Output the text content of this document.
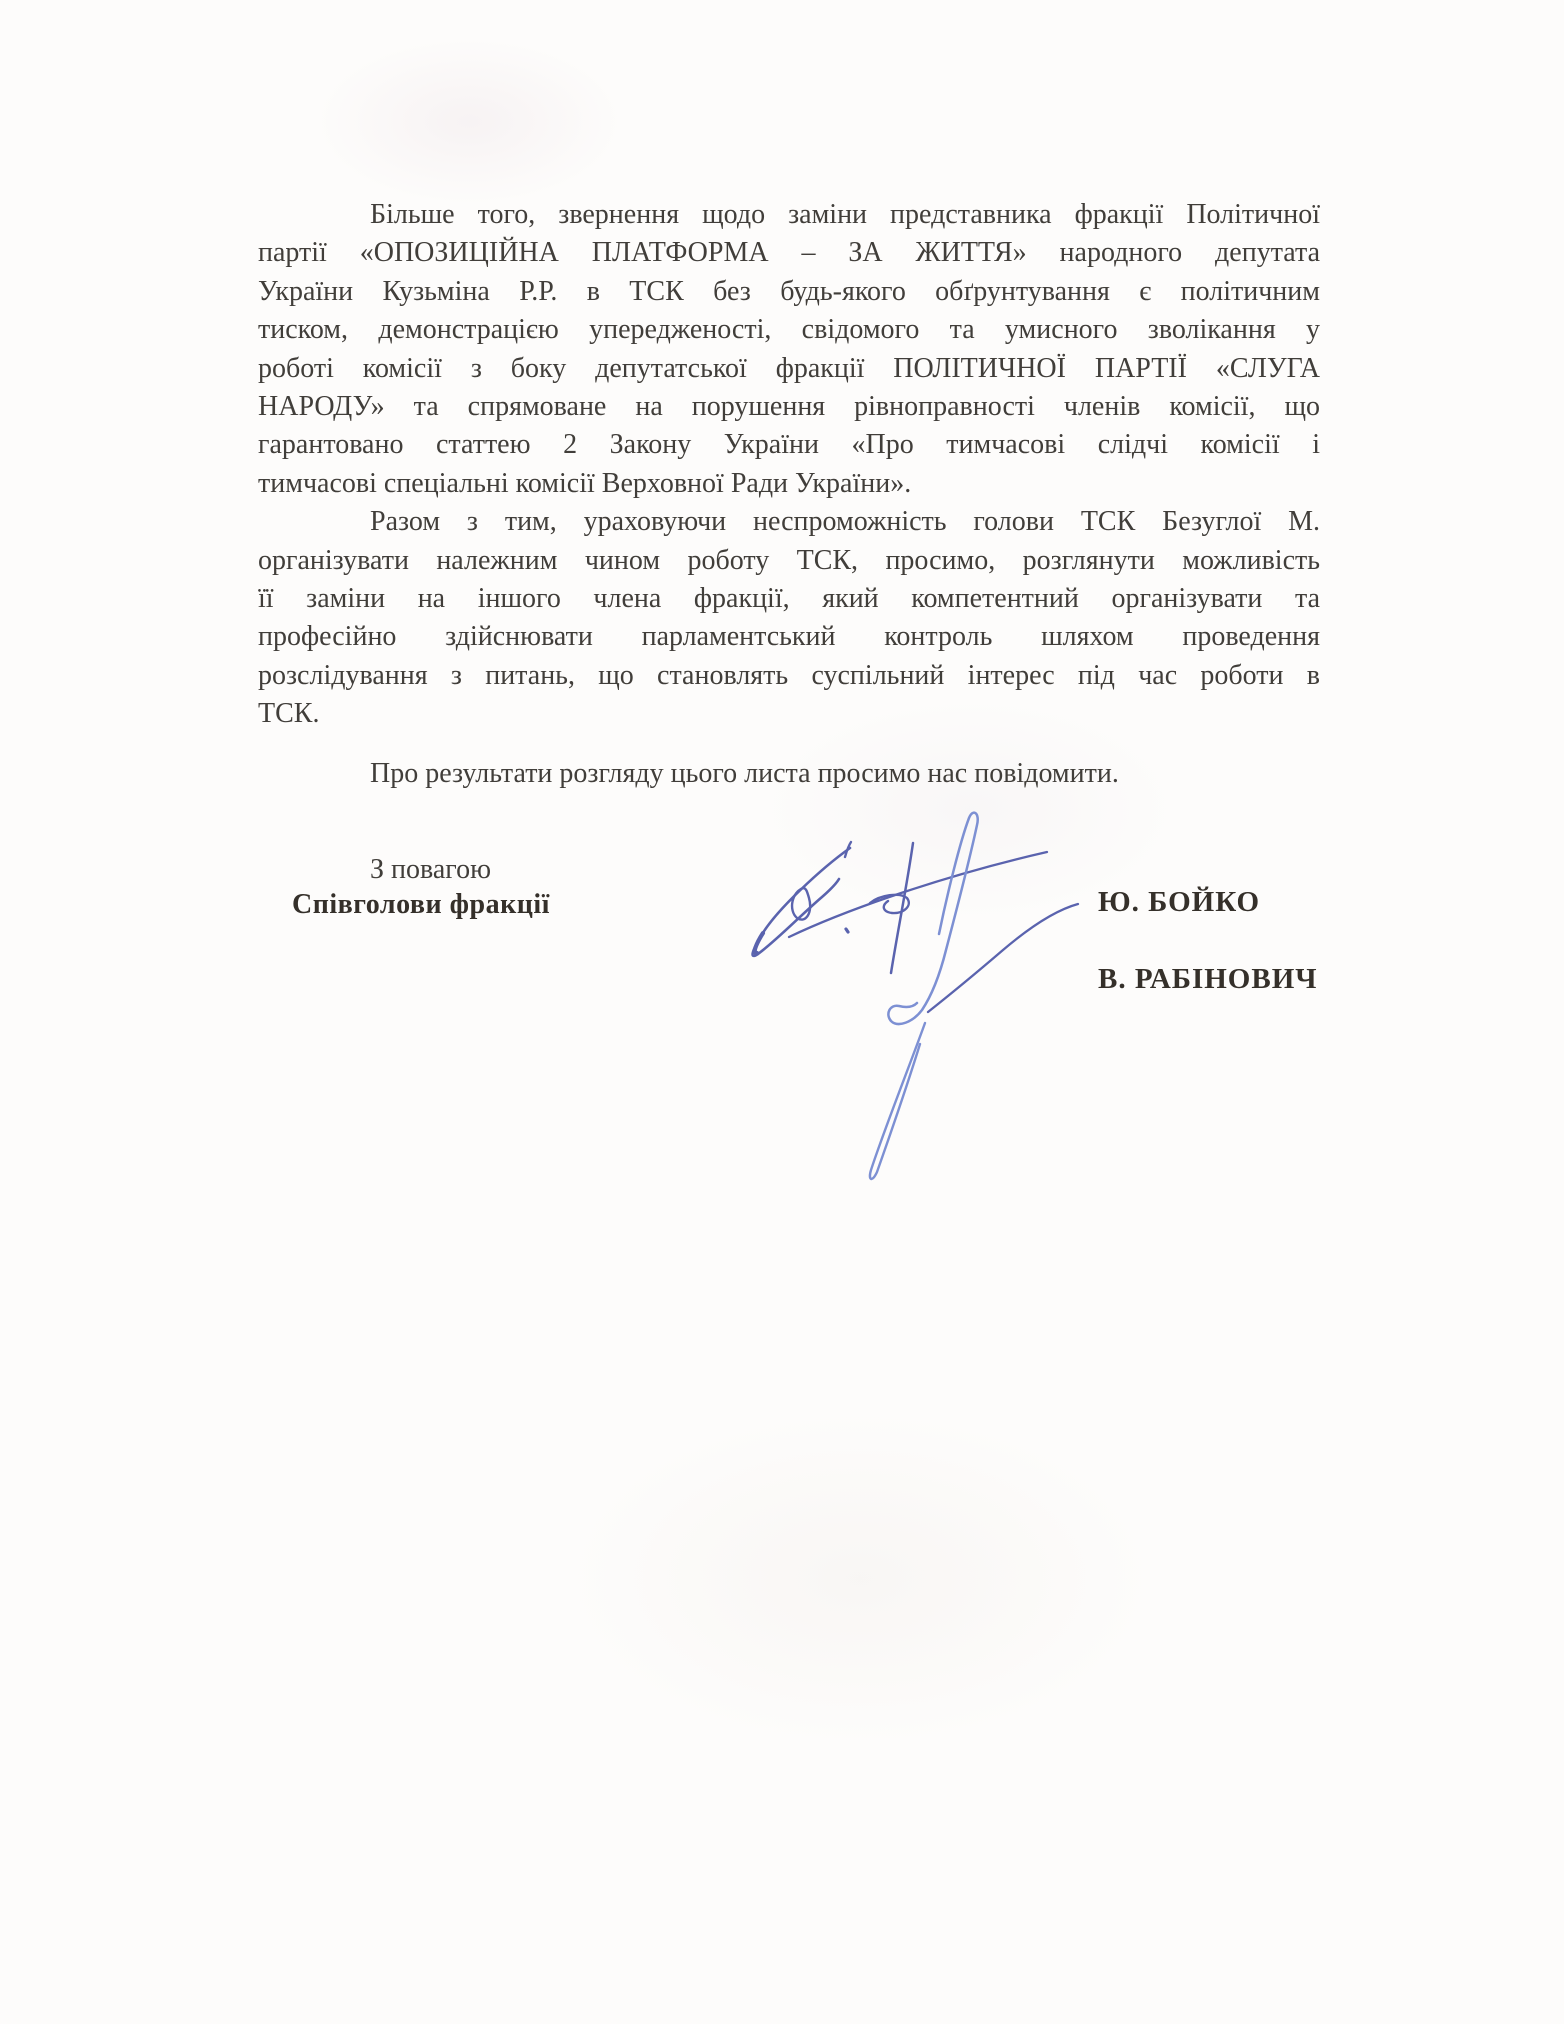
Більше того, звернення щодо заміни представника фракції Політичної
партії «ОПОЗИЦІЙНА ПЛАТФОРМА – ЗА ЖИТТЯ» народного депутата
України Кузьміна Р.Р. в ТСК без будь-якого обґрунтування є політичним
тиском, демонстрацією упередженості, свідомого та умисного зволікання у
роботі комісії з боку депутатської фракції ПОЛІТИЧНОЇ ПАРТІЇ «СЛУГА
НАРОДУ» та спрямоване на порушення рівноправності членів комісії, що
гарантовано статтею 2 Закону України «Про тимчасові слідчі комісії і
тимчасові спеціальні комісії Верховної Ради України».
Разом з тим, ураховуючи неспроможність голови ТСК Безуглої М.
організувати належним чином роботу ТСК, просимо, розглянути можливість
її заміни на іншого члена фракції, який компетентний організувати та
професійно здійснювати парламентський контроль шляхом проведення
розслідування з питань, що становлять суспільний інтерес під час роботи в
ТСК.
Про результати розгляду цього листа просимо нас повідомити.
З повагою
Співголови фракції	Ю. БОЙКО
В. РАБІНОВИЧ
